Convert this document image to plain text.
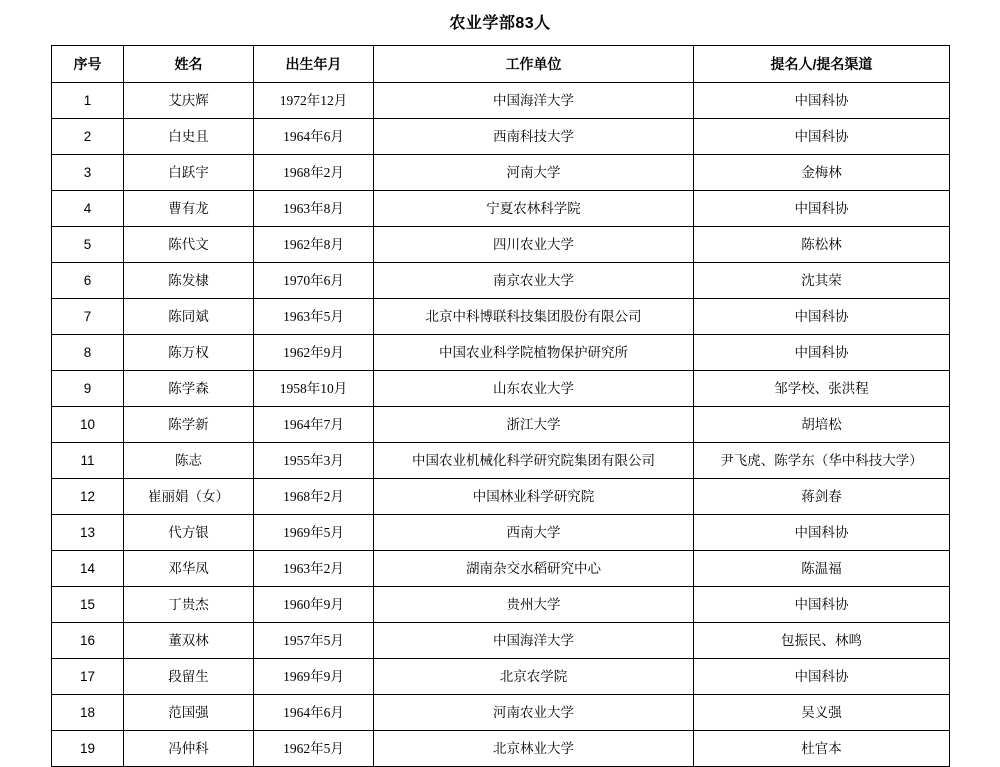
农业学部83人
序号	姓名	出生年月	工作单位	提名人/提名渠道
1	艾庆辉	1972年12月	中国海洋大学	中国科协
2	白史且	1964年6月	西南科技大学	中国科协
3	白跃宇	1968年2月	河南大学	金梅林
4	曹有龙	1963年8月	宁夏农林科学院	中国科协
5	陈代文	1962年8月	四川农业大学	陈松林
6	陈发棣	1970年6月	南京农业大学	沈其荣
7	陈同斌	1963年5月	北京中科博联科技集团股份有限公司	中国科协
8	陈万权	1962年9月	中国农业科学院植物保护研究所	中国科协
9	陈学森	1958年10月	山东农业大学	邹学校、张洪程
10	陈学新	1964年7月	浙江大学	胡培松
11	陈志	1955年3月	中国农业机械化科学研究院集团有限公司	尹飞虎、陈学东（华中科技大学）
12	崔丽娟（女）	1968年2月	中国林业科学研究院	蒋剑春
13	代方银	1969年5月	西南大学	中国科协
14	邓华凤	1963年2月	湖南杂交水稻研究中心	陈温福
15	丁贵杰	1960年9月	贵州大学	中国科协
16	董双林	1957年5月	中国海洋大学	包振民、林鸣
17	段留生	1969年9月	北京农学院	中国科协
18	范国强	1964年6月	河南农业大学	吴义强
19	冯仲科	1962年5月	北京林业大学	杜官本
